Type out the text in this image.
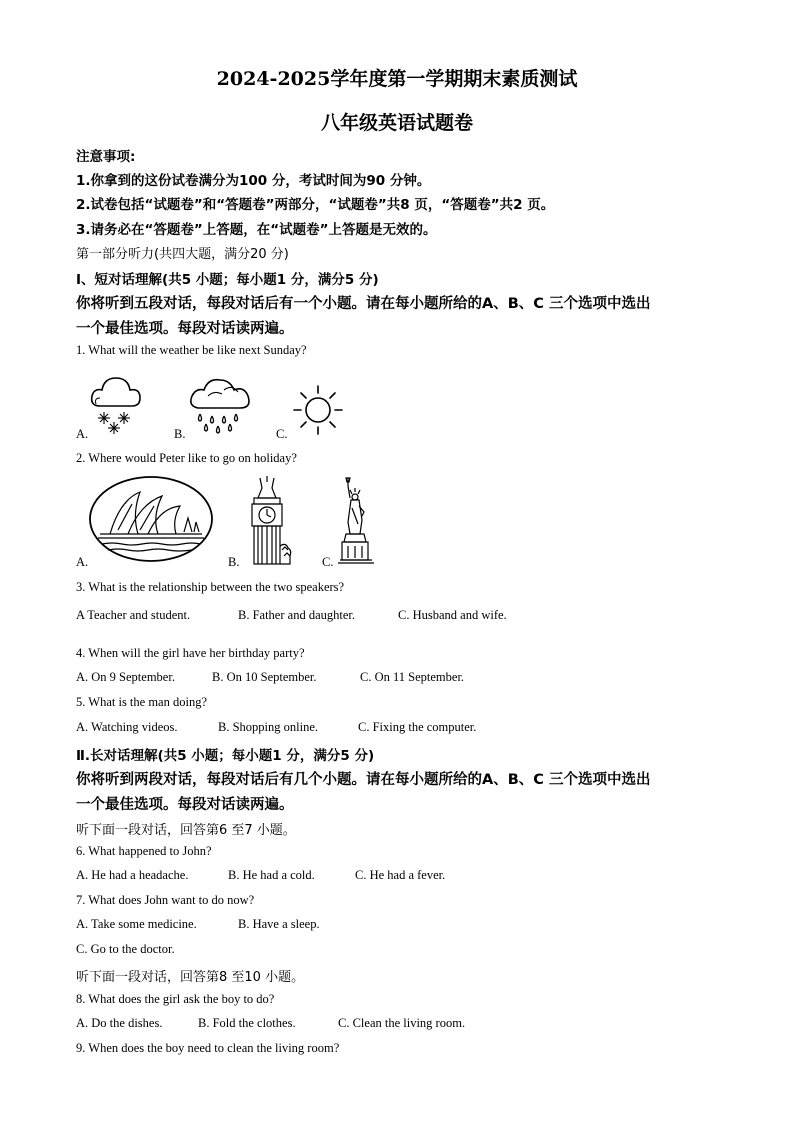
2024-2025学年度第一学期期末素质测试
八年级英语试题卷
注意事项:
1.你拿到的这份试卷满分为100 分，考试时间为90 分钟。
2.试卷包括“试题卷”和“答题卷”两部分，“试题卷”共8 页，“答题卷”共2 页。
3.请务必在“答题卷”上答题，在“试题卷”上答题是无效的。
第一部分听力(共四大题，满分20 分)
I、短对话理解(共5 小题；每小题1 分，满分5 分)
你将听到五段对话，每段对话后有一个小题。请在每小题所给的A、B、C 三个选项中选出
一个最佳选项。每段对话读两遍。
1. What will the weather be like next Sunday?
A.	B.	C.
2. Where would Peter like to go on holiday?
A.	B.	C.
3. What is the relationship between the two speakers?
A Teacher and student.	B. Father and daughter.	C. Husband and wife.
4. When will the girl have her birthday party?
A. On 9 September.	B. On 10 September.	C. On 11 September.
5. What is the man doing?
A. Watching videos.	B. Shopping online.	C. Fixing the computer.
Ⅱ.长对话理解(共5 小题；每小题1 分，满分5 分)
你将听到两段对话，每段对话后有几个小题。请在每小题所给的A、B、C 三个选项中选出
一个最佳选项。每段对话读两遍。
听下面一段对话，回答第6 至7 小题。
6. What happened to John?
A. He had a headache.	B. He had a cold.	C. He had a fever.
7. What does John want to do now?
A. Take some medicine.	B. Have a sleep.
C. Go to the doctor.
听下面一段对话，回答第8 至10 小题。
8. What does the girl ask the boy to do?
A. Do the dishes.	B. Fold the clothes.	C. Clean the living room.
9. When does the boy need to clean the living room?
